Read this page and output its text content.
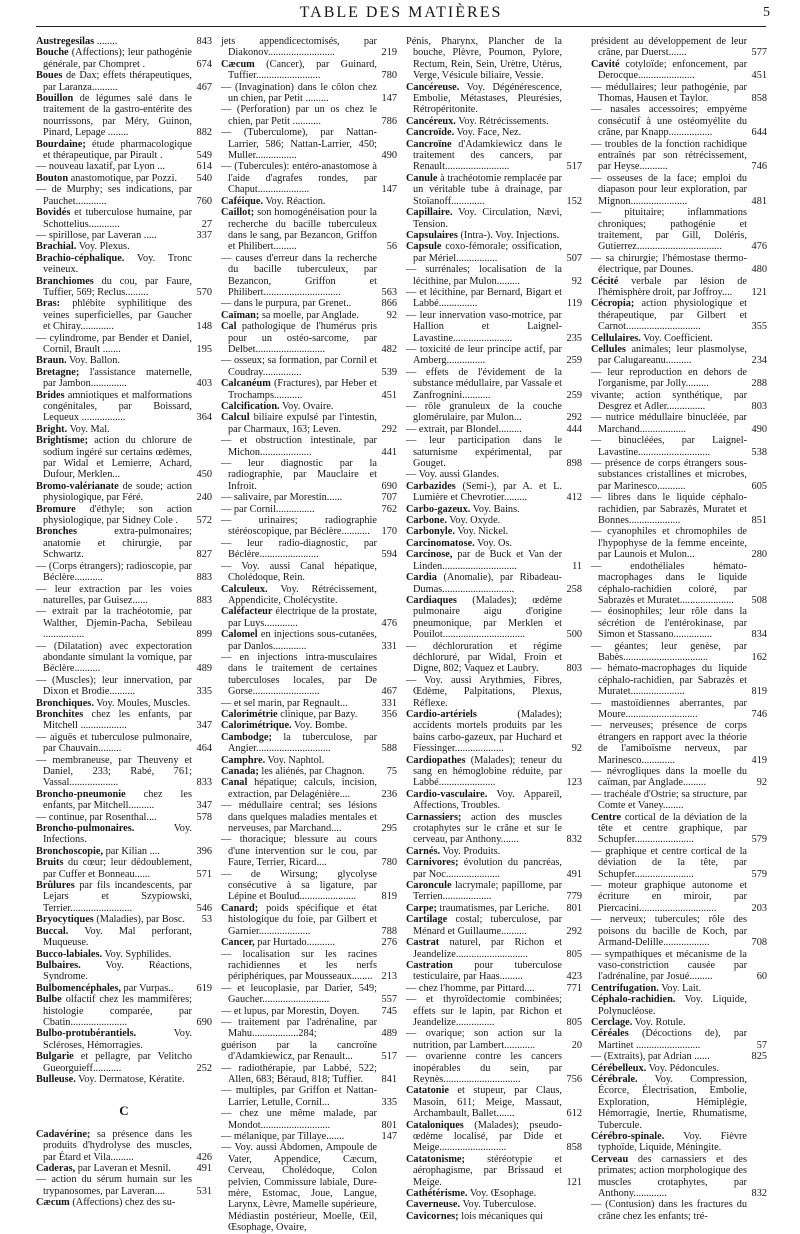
TABLE DES MATIÈRES	5

Austregesilas ........	843

Bouche (Affections); leur pathogénie générale, par Chompret .	674

Boues de Dax; effets thérapeutiques, par Laranza..........	467

Bouillon de légumes salé dans le traitement de la gastro-entérite des nourrissons, par Méry, Guinon, Pinard, Lepage ........	882

Bourdaine; étude pharmacologique et thérapeutique, par Pirault .	549

— nouveau laxatif, par Lyon ...	614

Bouton anastomotique, par Pozzi. 540

— de Murphy; ses indications, par Pauchet............	760

Bovidés et tuberculose humaine, par Schottelius............	27

— spirillose, par Laveran .....	337

Brachial. Voy. Plexus.

Brachio-céphalique. Voy. Tronc veineux.

Branchiomes du cou, par Faure, Tuffier, 569; Reclus.........	570

Bras: phlébite syphilitique des veines superficielles, par Gaucher et Chiray.............	148

— cylindrome, par Bender et Daniel, Cornil, Brault .......	195

Braun. Voy. Ballon.

Bretagne; l'assistance maternelle, par Jambon..............	403

Brides amniotiques et malformations congénitales, par Boissard, Lequeux .................	364

Bright. Voy. Mal.

Brightisme; action du chlorure de sodium ingéré sur certains œdèmes, par Widal et Lemierre, Achard, Dufour, Merklen...	450

Bromo-valérianate de soude; action physiologique, par Féré.	240

Bromure d'éthyle; son action physiologique, par Sidney Cole . 572

Bronches	extra-pulmonaires; anatomie et chirurgie, par Schwartz.	827

— (Corps étrangers); radioscopie, par Béclère...........	883

— leur extraction par les voies naturelles, par Guisez......	883

— extrait par la trachéotomie, par Walther, Djemin-Pacha, Sebileau ................	899

— (Dilatation) avec expectoration abondante simulant la vomique, par Béclère..........	489

— (Muscles); leur innervation, par Dixon et Brodie..........	335

Bronchiques. Voy. Moules, Muscles.

Bronchites chez les enfants, par Mitchell ..................	347

— aiguës et tuberculose pulmonaire, par Chauvain.........	464

— membraneuse, par Theuveny et Daniel, 233; Rabé, 761; Vassal...................	833

Broncho-pneumonie chez les enfants, par Mitchell..........	347

— continue, par Rosenthal....	578

Broncho-pulmonaires.	Voy. Infections.

Bronchoscopie, par Kilian ....	396

Bruits du cœur; leur dédoublement, par Cuffer et Bonneau......	571

Brûlures par fils incandescents, par Lejars et Szypiowski, Terrier........................	546

Bryocytiques (Maladies), par Bosc. 53

Buccal. Voy. Mal perforant, Muqueuse.

Bucco-labiales. Voy. Syphilides.

Bulbaires. Voy. Réactions, Syndrome.

Bulbomencéphales, par Vurpas.. 619

Bulbe olfactif chez les mammifères; histologie comparée, par Cbatin......................	690

Bulbo-protubérantiels.	Voy. Scléroses, Hémorragies.

Bulgarie et pellagre, par Velitcho Gueorguieff...........	252

Bulleuse. Voy. Dermatose, Kératite.

C

Cadavérine; sa présence dans les produits d'hydrolyse des muscles, par Étard et Vila.........	426

Caderas, par Laveran et Mesnil. 491

— action du sérum humain sur les trypanosomes, par Laveran....	531

Cæcum (Affections) chez des su-

jets appendicectomisés, par Diakonov..........................	219

Cæcum (Cancer), par Guinard, Tuffier.........................	780

— (Invagination) dans le côlon chez un chien, par Petit .........	147

— (Perforation) par un os chez le chien, par Petit ...........	786

— (Tuberculome), par Nattan-Larrier, 586; Nattan-Larrier, 450; Muller................	490

— (Tubercules): entéro-anastomose à l'aide d'agrafes rondes, par Chaput....................	147

Caféique. Voy. Réaction.

Caillot; son homogénéisation pour la recherche du bacille tuberculeux dans le sang, par Bezancon, Griffon et Philibert.........	56

— causes d'erreur dans la recherche du bacille tuberculeux, par Bezancon, Griffon et Philibert..............................	563

— dans le purpura, par Grenet..	866

Caïman; sa moelle, par Anglade.	92

Cal pathologique de l'humérus pris pour un ostéo-sarcome, par Delbet...........................	482

— osseux; sa formation, par Cornil et Coudray...............	539

Calcanéum (Fractures), par Heber et Trochamps...........	451

Calcification. Voy. Ovaire.

Calcul biliaire expulsé par l'intestin, par Charmaux, 163; Leven.	292

— et obstruction intestinale, par Michon....................	441

— leur diagnostic par la radiographie, par Mauclaire et Infroit.	690

— salivaire, par Morestin......	707

— par Cornil...............	762

— urinaires; radiographie stéréoscopique, par Béclère........... 170

— leur radio-diagnostic, par Béclère.......................	594

— Voy. aussi Canal hépatique, Cholédoque, Rein.

Calculeux. Voy. Rétrécissement, Appendicite, Cholécystite.

Caléfacteur électrique de la prostate, par Luys.............	476

Calomel en injections sous-cutanées, par Danlos.............	331

— en injections intra-musculaires dans le traitement de certaines tuberculoses locales, par De Gorse..........................	467

— et sel marin, par Regnault...	331

Calorimétrie clinique, par Bazy. 356

Calorimétrique. Voy. Bombe.

Cambodge; la tuberculose, par Angier.............................	588

Camphre. Voy. Naphtol.

Canada; les aliénés, par Chagnon. 75

Canal hépatique; calculs, incision, extraction, par Delagénière....	236

— médullaire central; ses lésions dans quelques maladies mentales et nerveuses, par Marchand....	295

— thoracique; blessure au cours d'une intervention sur le cou, par Faure, Terrier, Ricard....	780

— de Wirsung; glycolyse consécutive à sa ligature, par Lépine et Boulud...................... 819

Canard; poids spécifique et état histologique du foie, par Gilbert et Garnier....................	788

Cancer, par Hurtado...........	276

— localisation sur les racines rachidiennes et les nerfs périphériques, par Mousseaux........ 213

— et leucoplasie, par Darier, 549; Gaucher..........................	557

— et lupus, par Morestin, Doyen. 745

— traitement par l'adrénaline, par Mahu..................284;	489

guérison par la cancroïne d'Adamkiewicz, par Renault...	517

— radiothérapie, par Labbé, 522; Allen, 683; Béraud, 818; Tuffier. 841

— multiples, par Griffon et Nattan-Larrier, Letulle, Cornil...	335

— chez une même malade, par Mondot...........................	801

— mélanique, par Tillaye.......	147

— Voy. aussi Abdomen, Ampoule de Vater, Appendice, Cæcum, Cerveau, Cholédoque, Colon pelvien, Commissure labiale, Dure-mère, Estomac, Joue, Langue, Larynx, Lèvre, Mamelle supérieure, Médiastin postérieur, Moelle, Œil, Œsophage, Ovaire,

Pénis, Pharynx, Plancher de la bouche, Plèvre, Poumon, Pylore, Rectum, Rein, Sein, Urètre, Utérus, Verge, Vésicule biliaire, Vessie.

Cancéreuse. Voy. Dégénérescence, Embolie, Métastases, Pleurésies, Rétropéritonite.

Cancéreux. Voy. Rétrécissements.

Cancroïde. Voy. Face, Nez.

Cancroïne d'Adamkiewicz dans le traitement des cancers, par Renault.........................	517

Canule à trachéotomie remplacée par un véritable tube à drainage, par Stoïanoff.............	152

Capillaire. Voy. Circulation, Nævi, Tension.

Capsulaires (Intra-). Voy. Injections.

Capsule coxo-fémorale; ossification, par Mériel................	507

— surrénales; localisation de la lécithine, par Mulon.........	92

— et lécithine, par Bernard, Bigart et Labbé...............	119

— leur innervation vaso-motrice, par Hallion et Laignel-Lavastine.......................	235

— toxicité de leur principe actif, par Amberg...............	259

— effets de l'évidement de la substance médullaire, par Vassale et Zanfrognini...........	259

— rôle granuleux de la couche glomérulaire, par Mulon...	292

— extrait, par Blondel.........	444

— leur participation dans le saturnisme expérimental, par Gouget.	898

— Voy. aussi Glandes.

Carbazides (Semi-), par A. et L. Lumière et Chevrotier.........	412

Carbo-gazeux. Voy. Bains.

Carbone. Voy. Oxyde.

Carbonyle. Voy. Nickel.

Carcinomatose. Voy. Os.

Carcinose, par de Buck et Van der Linden.............................	11

Cardia (Anomalie), par Ribadeau-Dumas............................	258

Cardiaques (Malades); œdème pulmonaire aigu d'origine pneumonique, par Merklen et Pouilot................................	500

— déchloruration et régime déchloruré, par Widal, Froin et Digne, 802; Vaquez et Laubry.	803

— Voy. aussi Arythmies, Fibres, Œdème, Palpitations, Plexus, Réflexe.

Cardio-artériels	(Malades); accidents mortels produits par les bains carbo-gazeux, par Huchard et Fiessinger...................	92

Cardiopathes (Malades); teneur du sang en hémoglobine réduite, par Labbé......................	123

Cardio-vasculaire. Voy. Appareil, Affections, Troubles.

Carnassiers; action des muscles crotaphytes sur le crâne et sur le cerveau, par Anthony.......	832

Carnés. Voy. Produits.

Carnivores; évolution du pancréas, par Noc.....................	491

Caroncule lacrymale; papillome, par Terrien...................	779

Carpe; traumatismes, par Leriche. 801

Cartilage costal; tuberculose, par Ménard et Guillaume..........	292

Castrat naturel, par Richon et Jeandelize............................	805

Castration pour tuberculose testiculaire, par Haas.........	423

— chez l'homme, par Pittard....	771

— et thyroïdectomie combinées; effets sur le lapin, par Richon et Jeandelize...............	805

— ovarique; son action sur la nutrition, par Lambert............	20

— ovarienne contre les cancers inopérables du sein, par Reynès..............................	756

Catatonie et stupeur, par Claus, Masoin, 611; Meige, Massaut, Archambault, Ballet.......	612

Cataloniques (Malades); pseudo-œdème localisé, par Dide et Meige..........................	858

Catatonisme; stéréotypie et aérophagisme, par Brissaud et Meige.	121

Cathétérisme. Voy. Œsophage.

Caverneuse. Voy. Tuberculose.

Cavicornes; lois mécaniques qui

président au développement de leur crâne, par Duerst.......	577

Cavité cotyloïde; enfoncement, par Derocque......................	451

— médullaires; leur pathogénie, par Thomas, Hausen et Taylor.	858

— nasales accessoires; empyème consécutif à une ostéomyélite du crâne, par Knapp.................	644

— troubles de la fonction rachidique entraînés par son rétrécissement, par Heyse...........	746

— osseuses de la face; emploi du diapason pour leur exploration, par Mignon......................	481

— pituitaire; inflammations chroniques; pathogénie et traitement, par Gill, Doléris, Gutierrez.................................	476

— sa chirurgie; l'hémostase thermo-électrique, par Dounes.	480

Cécité verbale par lésion de l'hémisphère droit, par Joffroy.... 121

Cécropia; action physiologique et thérapeutique, par Gilbert et Carnot.............................	355

Cellulaires. Voy. Coefficient.

Cellules animales; leur plasmolyse, par Calugareanu..........	234

— leur reproduction en dehors de l'organisme, par Jolly.........	288

vivante; action synthétique, par Desgrez et Adler...............	803

— nutrice médullaire binucléée, par Marchand..................	490

— binucléées, par Laignel-Lavastine............................	538

— présence de corps étrangers sous-substances cristallines et microbes, par Marinesco...........	605

— libres dans le liquide céphalo-rachidien, par Sabrazès, Muratet et Bonnes....................	851

— cyanophiles et chromophiles de l'hypophyse de la femme enceinte, par Launois et Mulon...	280

— endothéliales hémato-macrophages dans le liquide céphalo-rachidien coloré, par Sabrazès et Muratet..................... 508

— éosinophiles; leur rôle dans la sécrétion de l'entérokinase, par Simon et Stassano...............	834

— géantes; leur genèse, par Babès.................................	162

— hémato-macrophages du liquide céphalo-rachidien, par Sabrazès et Muratet.....................	819

— mastoïdiennes aberrantes, par Moure............................	746

— nerveuses; présence de corps étrangers en rapport avec la théorie de l'amiboïsme nerveux, par Marinesco.............	419

— névrogliques dans la moelle du caïman, par Anglade.........	92

— trachéale d'Ostrie; sa structure, par Comte et Vaney........

Centre cortical de la déviation de la tête et centre graphique, par Schupfer.......................	579

— graphique et centre cortical de la déviation de la tête, par Schupfer.......................	579

— moteur graphique autonome et écriture en miroir, par Piercacini..............................	203

— nerveux; tubercules; rôle des poisons du bacille de Koch, par Armand-Delille..................	708

— sympathiques et mécanisme de la vaso-constriction causée par l'adrénaline, par Josué.........	60

Centrifugation. Voy. Lait.

Céphalo-rachidien. Voy. Liquide, Polynucléose.

Cerclage. Voy. Rotule.

Céréales (Décoctions de), par Martinet .........................	57

— (Extraits), par Adrian ......	825

Cérébelleux. Voy. Pédoncules.

Cérébrale. Voy. Compression, Écorce, Électrisation, Embolie, Exploration, Hémiplégie, Hémorragie, Inertie, Rhumatisme, Tubercule.

Cérébro-spinale. Voy. Fièvre typhoïde, Liquide, Méningite.

Cerveau des carnassiers et des primates; action morphologique des muscles crotaphytes, par Anthony.............	832

— (Contusion) dans les fractures du crâne chez les enfants; tré-
